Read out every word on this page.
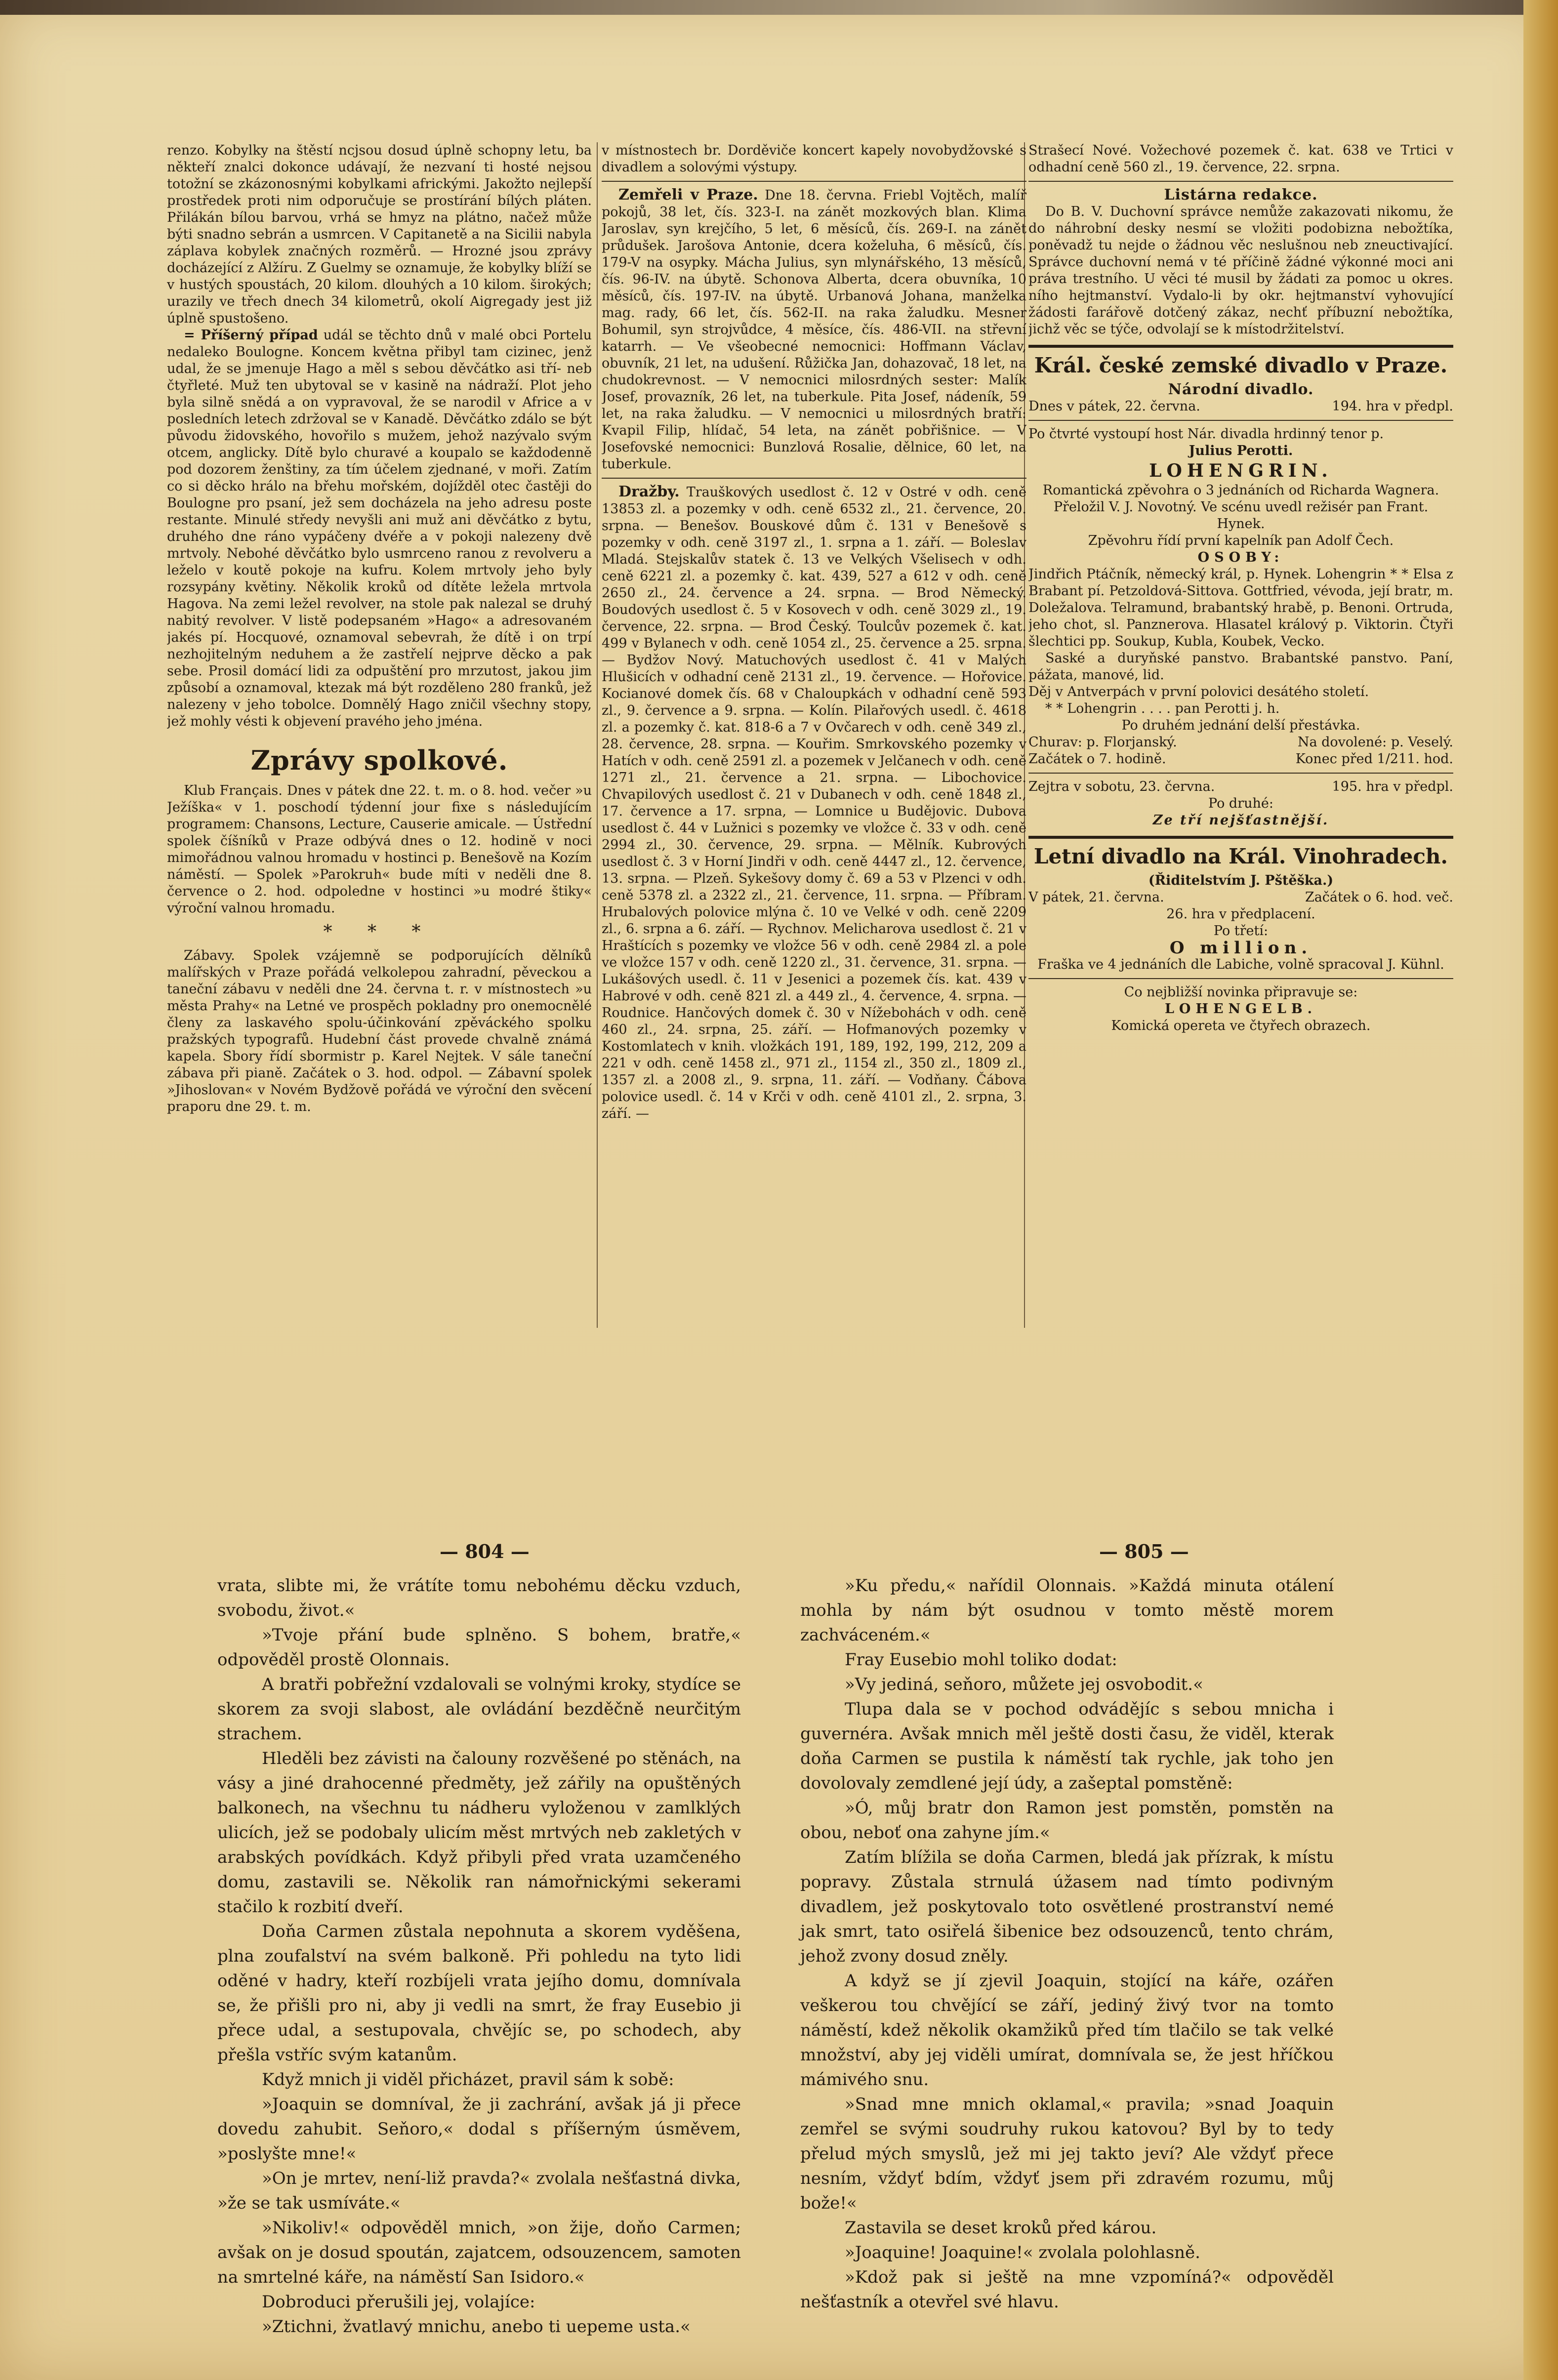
renzo. Kobylky na štěstí ncjsou dosud úplně schopny letu, ba někteří znalci dokonce udávají, že nezvaní ti hosté nejsou totožní se zkázonosnými kobylkami africkými. Jakožto nejlepší prostředek proti nim odporučuje se prostírání bílých pláten. Přilákán bílou barvou, vrhá se hmyz na plátno, načež může býti snadno sebrán a usmrcen. V Capitanetě a na Sicilii nabyla záplava kobylek značných rozměrů. — Hrozné jsou zprávy docházející z Alžíru. Z Guelmy se oznamuje, že kobylky blíží se v hustých spoustách, 20 kilom. dlouhých a 10 kilom. širokých; urazily ve třech dnech 34 kilometrů, okolí Aigregady jest již úplně spustošeno.

= Příšerný případ udál se těchto dnů v malé obci Portelu nedaleko Boulogne. Koncem května přibyl tam cizinec, jenž udal, že se jmenuje Hago a měl s sebou děvčátko asi tří- neb čtyřleté. Muž ten ubytoval se v kasině na nádraží. Plot jeho byla silně snědá a on vypravoval, že se narodil v Africe a v posledních letech zdržoval se v Kanadě. Děvčátko zdálo se být původu židovského, hovořilo s mužem, jehož nazývalo svým otcem, anglicky. Dítě bylo churavé a koupalo se každodenně pod dozorem ženštiny, za tím účelem zjednané, v moři. Zatím co si děcko hrálo na břehu mořském, dojížděl otec častěji do Boulogne pro psaní, jež sem docházela na jeho adresu poste restante. Minulé středy nevyšli ani muž ani děvčátko z bytu, druhého dne ráno vypáčeny dvéře a v pokoji nalezeny dvě mrtvoly. Nebohé děvčátko bylo usmrceno ranou z revolveru a leželo v koutě pokoje na kufru. Kolem mrtvoly jeho byly rozsypány květiny. Několik kroků od dítěte ležela mrtvola Hagova. Na zemi ležel revolver, na stole pak nalezal se druhý nabitý revolver. V listě podepsaném »Hago« a adresovaném jakés pí. Hocquové, oznamoval sebevrah, že dítě i on trpí nezhojitelným neduhem a že zastřelí nejprve děcko a pak sebe. Prosil domácí lidi za odpuštění pro mrzutost, jakou jim způsobí a oznamoval, ktezak má být rozděleno 280 franků, jež nalezeny v jeho tobolce. Domnělý Hago zničil všechny stopy, jež mohly vésti k objevení pravého jeho jména.

Zprávy spolkové.

Klub Français. Dnes v pátek dne 22. t. m. o 8. hod. večer »u Ježíška« v 1. poschodí týdenní jour fixe s následujícím programem: Chansons, Lecture, Causerie amicale. — Ústřední spolek číšníků v Praze odbývá dnes o 12. hodině v noci mimořádnou valnou hromadu v hostinci p. Benešově na Kozím náměstí. — Spolek »Parokruh« bude míti v neděli dne 8. července o 2. hod. odpoledne v hostinci »u modré štiky« výroční valnou hromadu.

* * *

Zábavy. Spolek vzájemně se podporujících dělníků malířských v Praze pořádá velkolepou zahradní, pěveckou a taneční zábavu v neděli dne 24. června t. r. v místnostech »u města Prahy« na Letné ve prospěch pokladny pro onemocnělé členy za laskavého spolu-účinkování zpěváckého spolku pražských typografů. Hudební část provede chvalně známá kapela. Sbory řídí sbormistr p. Karel Nejtek. V sále taneční zábava při pianě. Začátek o 3. hod. odpol. — Zábavní spolek »Jihoslovan« v Novém Bydžově pořádá ve výroční den svěcení praporu dne 29. t. m.

v místnostech br. Dorděviče koncert kapely novobydžovské s divadlem a solovými výstupy.

Zemřeli v Praze. Dne 18. června. Friebl Vojtěch, malíř pokojů, 38 let, čís. 323-I. na zánět mozkových blan. Klima Jaroslav, syn krejčího, 5 let, 6 měsíců, čís. 269-I. na zánět průdušek. Jarošova Antonie, dcera koželuha, 6 měsíců, čís. 179-V na osypky. Mácha Julius, syn mlynářského, 13 měsíců, čís. 96-IV. na úbytě. Schonova Alberta, dcera obuvníka, 10 měsíců, čís. 197-IV. na úbytě. Urbanová Johana, manželka mag. rady, 66 let, čís. 562-II. na raka žaludku. Mesner Bohumil, syn strojvůdce, 4 měsíce, čís. 486-VII. na střevní katarrh. — Ve všeobecné nemocnici: Hoffmann Václav, obuvník, 21 let, na udušení. Růžička Jan, dohazovač, 18 let, na chudokrevnost. — V nemocnici milosrdných sester: Malík Josef, provazník, 26 let, na tuberkule. Pita Josef, nádeník, 59 let, na raka žaludku. — V nemocnici u milosrdných bratří: Kvapil Filip, hlídač, 54 leta, na zánět pobřišnice. — V Josefovské nemocnici: Bunzlová Rosalie, dělnice, 60 let, na tuberkule.

Dražby. Trauškových usedlost č. 12 v Ostré v odh. ceně 13853 zl. a pozemky v odh. ceně 6532 zl., 21. července, 20. srpna. — Benešov. Bouskové dům č. 131 v Benešově s pozemky v odh. ceně 3197 zl., 1. srpna a 1. září. — Boleslav Mladá. Stejskalův statek č. 13 ve Velkých Všelisech v odh. ceně 6221 zl. a pozemky č. kat. 439, 527 a 612 v odh. ceně 2650 zl., 24. července a 24. srpna. — Brod Německý. Boudových usedlost č. 5 v Kosovech v odh. ceně 3029 zl., 19. července, 22. srpna. — Brod Český. Toulcův pozemek č. kat. 499 v Bylanech v odh. ceně 1054 zl., 25. července a 25. srpna. — Bydžov Nový. Matuchových usedlost č. 41 v Malých Hlušicích v odhadní ceně 2131 zl., 19. července. — Hořovice. Kocianové domek čís. 68 v Chaloupkách v odhadní ceně 593 zl., 9. července a 9. srpna. — Kolín. Pilařových usedl. č. 4618 zl. a pozemky č. kat. 818-6 a 7 v Ovčarech v odh. ceně 349 zl., 28. července, 28. srpna. — Kouřim. Smrkovského pozemky v Hatích v odh. ceně 2591 zl. a pozemek v Jelčanech v odh. ceně 1271 zl., 21. července a 21. srpna. — Libochovice. Chvapilových usedlost č. 21 v Dubanech v odh. ceně 1848 zl., 17. července a 17. srpna, — Lomnice u Budějovic. Dubova usedlost č. 44 v Lužnici s pozemky ve vložce č. 33 v odh. ceně 2994 zl., 30. července, 29. srpna. — Mělník. Kubrových usedlost č. 3 v Horní Jindři v odh. ceně 4447 zl., 12. července, 13. srpna. — Plzeň. Sykešovy domy č. 69 a 53 v Plzenci v odh. ceně 5378 zl. a 2322 zl., 21. července, 11. srpna. — Příbram. Hrubalových polovice mlýna č. 10 ve Velké v odh. ceně 2209 zl., 6. srpna a 6. září. — Rychnov. Melicharova usedlost č. 21 v Hraštících s pozemky ve vložce 56 v odh. ceně 2984 zl. a pole ve vložce 157 v odh. ceně 1220 zl., 31. července, 31. srpna. — Lukášových usedl. č. 11 v Jesenici a pozemek čís. kat. 439 v Habrové v odh. ceně 821 zl. a 449 zl., 4. července, 4. srpna. — Roudnice. Hančových domek č. 30 v Nížebohách v odh. ceně 460 zl., 24. srpna, 25. září. — Hofmanových pozemky v Kostomlatech v knih. vložkách 191, 189, 192, 199, 212, 209 a 221 v odh. ceně 1458 zl., 971 zl., 1154 zl., 350 zl., 1809 zl., 1357 zl. a 2008 zl., 9. srpna, 11. září. — Vodňany. Čábova polovice usedl. č. 14 v Krči v odh. ceně 4101 zl., 2. srpna, 3. září. —

Strašecí Nové. Vožechové pozemek č. kat. 638 ve Trtici v odhadní ceně 560 zl., 19. července, 22. srpna.

Listárna redakce.

Do B. V. Duchovní správce nemůže zakazovati nikomu, že do náhrobní desky nesmí se vložiti podobizna nebožtíka, poněvadž tu nejde o žádnou věc neslušnou neb zneuctivající. Správce duchovní nemá v té příčině žádné výkonné moci ani práva trestního. U věci té musil by žádati za pomoc u okres. ního hejtmanství. Vydalo-li by okr. hejtmanství vyhovující žádosti farářově dotčený zákaz, nechť příbuzní nebožtíka, jichž věc se týče, odvolají se k místodržitelství.

Král. české zemské divadlo v Praze.
Národní divadlo.
Dnes v pátek, 22. června.	194. hra v předpl.

Po čtvrté vystoupí host Nár. divadla hrdinný tenor p.

Julius Perotti.
LOHENGRIN.

Romantická zpěvohra o 3 jednáních od Richarda Wagnera.

Přeložil V. J. Novotný. Ve scénu uvedl režisér pan Frant. Hynek.

Zpěvohru řídí první kapelník pan Adolf Čech.

OSOBY:

Jindřich Ptáčník, německý král, p. Hynek. Lohengrin * * Elsa z Brabant pí. Petzoldová-Sittova. Gottfried, vévoda, její bratr, m. Doležalova. Telramund, brabantský hrabě, p. Benoni. Ortruda, jeho chot, sl. Panznerova. Hlasatel králový p. Viktorin. Čtyři šlechtici pp. Soukup, Kubla, Koubek, Vecko.

Saské a duryňské panstvo. Brabantské panstvo. Paní, pážata, manové, lid.

Děj v Antverpách v první polovici desátého století.

* * Lohengrin . . . . pan Perotti j. h.

Po druhém jednání delší přestávka.

Churav: p. Florjanský.	Na dovolené: p. Veselý.
Začátek o 7. hodině.	Konec před 1/211. hod.
Zejtra v sobotu, 23. června.	195. hra v předpl.
Po druhé:
Ze tří nejšťastnější.
Letní divadlo na Král. Vinohradech.
(Řiditelstvím J. Pštěška.)
V pátek, 21. června.	Začátek o 6. hod. več.
26. hra v předplacení.
Po třetí:
O million.

Fraška ve 4 jednáních dle Labiche, volně spracoval J. Kühnl.

Co nejbližší novinka připravuje se:
LOHENGELB.
Komická opereta ve čtyřech obrazech.
— 804 —	— 805 —

vrata, slibte mi, že vrátíte tomu nebohému děcku vzduch, svobodu, život.«

»Tvoje přání bude splněno. S bohem, bratře,« odpověděl prostě Olonnais.

A bratři pobřežní vzdalovali se volnými kroky, stydíce se skorem za svoji slabost, ale ovládání bezděčně neurčitým strachem.

Hleděli bez závisti na čalouny rozvěšené po stěnách, na vásy a jiné drahocenné předměty, jež zářily na opuštěných balkonech, na všechnu tu nádheru vyloženou v zamlklých ulicích, jež se podobaly ulicím měst mrtvých neb zakletých v arabských povídkách. Když přibyli před vrata uzamčeného domu, zastavili se. Několik ran námořnickými sekerami stačilo k rozbití dveří.

Doňa Carmen zůstala nepohnuta a skorem vyděšena, plna zoufalství na svém balkoně. Při pohledu na tyto lidi oděné v hadry, kteří rozbíjeli vrata jejího domu, domnívala se, že přišli pro ni, aby ji vedli na smrt, že fray Eusebio ji přece udal, a sestupovala, chvějíc se, po schodech, aby přešla vstříc svým katanům.

Když mnich ji viděl přicházet, pravil sám k sobě:

»Joaquin se domníval, že ji zachrání, avšak já ji přece dovedu zahubit. Seňoro,« dodal s příšerným úsměvem, »poslyšte mne!«

»On je mrtev, není-liž pravda?« zvolala nešťastná divka, »že se tak usmíváte.«

»Nikoliv!« odpověděl mnich, »on žije, doňo Carmen; avšak on je dosud spoután, zajatcem, odsouzencem, samoten na smrtelné káře, na náměstí San Isidoro.«

Dobroduci přerušili jej, volajíce:

»Ztichni, žvatlavý mnichu, anebo ti uepeme usta.«

»Ku předu,« nařídil Olonnais. »Každá minuta otálení mohla by nám být osudnou v tomto městě morem zachváceném.«

Fray Eusebio mohl toliko dodat:

»Vy jediná, seňoro, můžete jej osvobodit.«

Tlupa dala se v pochod odvádějíc s sebou mnicha i guvernéra. Avšak mnich měl ještě dosti času, že viděl, kterak doňa Carmen se pustila k náměstí tak rychle, jak toho jen dovolovaly zemdlené její údy, a zašeptal pomstěně:

»Ó, můj bratr don Ramon jest pomstěn, pomstěn na obou, neboť ona zahyne jím.«

Zatím blížila se doňa Carmen, bledá jak přízrak, k místu popravy. Zůstala strnulá úžasem nad tímto podivným divadlem, jež poskytovalo toto osvětlené prostranství nemé jak smrt, tato osiřelá šibenice bez odsouzenců, tento chrám, jehož zvony dosud zněly.

A když se jí zjevil Joaquin, stojící na káře, ozářen veškerou tou chvějící se září, jediný živý tvor na tomto náměstí, kdež několik okamžiků před tím tlačilo se tak velké množství, aby jej viděli umírat, domnívala se, že jest hříčkou mámivého snu.

»Snad mne mnich oklamal,« pravila; »snad Joaquin zemřel se svými soudruhy rukou katovou? Byl by to tedy přelud mých smyslů, jež mi jej takto jeví? Ale vždyť přece nesním, vždyť bdím, vždyť jsem při zdravém rozumu, můj bože!«

Zastavila se deset kroků před károu.

»Joaquine! Joaquine!« zvolala polohlasně.

»Kdož pak si ještě na mne vzpomíná?« odpověděl nešťastník a otevřel své hlavu.
